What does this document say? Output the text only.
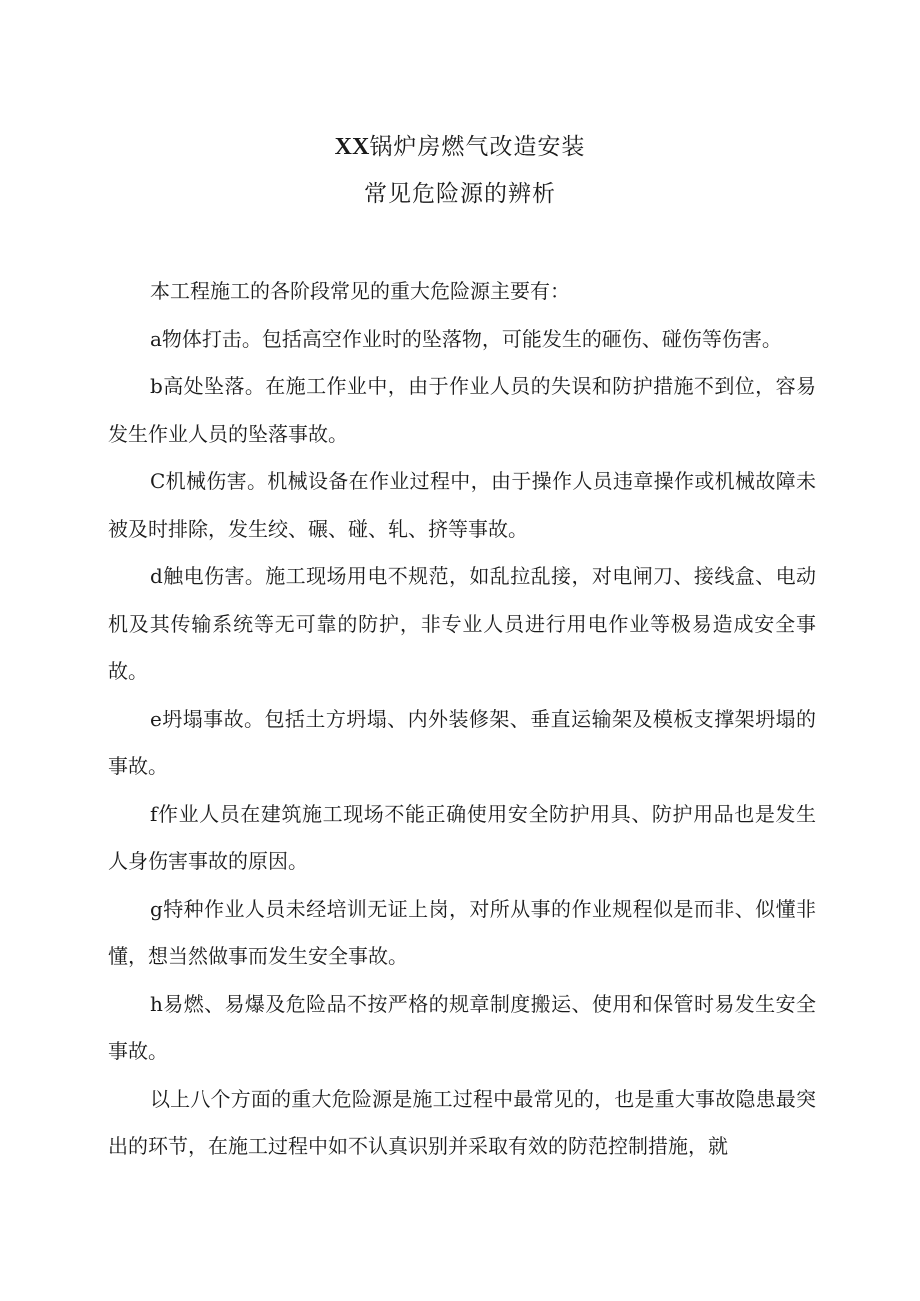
XX锅炉房燃气改造安装
常见危险源的辨析

本工程施工的各阶段常见的重大危险源主要有：

a物体打击。包括高空作业时的坠落物，可能发生的砸伤、碰伤等伤害。

b高处坠落。在施工作业中，由于作业人员的失误和防护措施不到位，容易发生作业人员的坠落事故。

C机械伤害。机械设备在作业过程中，由于操作人员违章操作或机械故障未被及时排除，发生绞、碾、碰、轧、挤等事故。

d触电伤害。施工现场用电不规范，如乱拉乱接，对电闸刀、接线盒、电动机及其传输系统等无可靠的防护，非专业人员进行用电作业等极易造成安全事故。

e坍塌事故。包括土方坍塌、内外装修架、垂直运输架及模板支撑架坍塌的事故。

f作业人员在建筑施工现场不能正确使用安全防护用具、防护用品也是发生人身伤害事故的原因。

g特种作业人员未经培训无证上岗，对所从事的作业规程似是而非、似懂非懂，想当然做事而发生安全事故。

h易燃、易爆及危险品不按严格的规章制度搬运、使用和保管时易发生安全事故。

以上八个方面的重大危险源是施工过程中最常见的，也是重大事故隐患最突出的环节，在施工过程中如不认真识别并采取有效的防范控制措施，就
